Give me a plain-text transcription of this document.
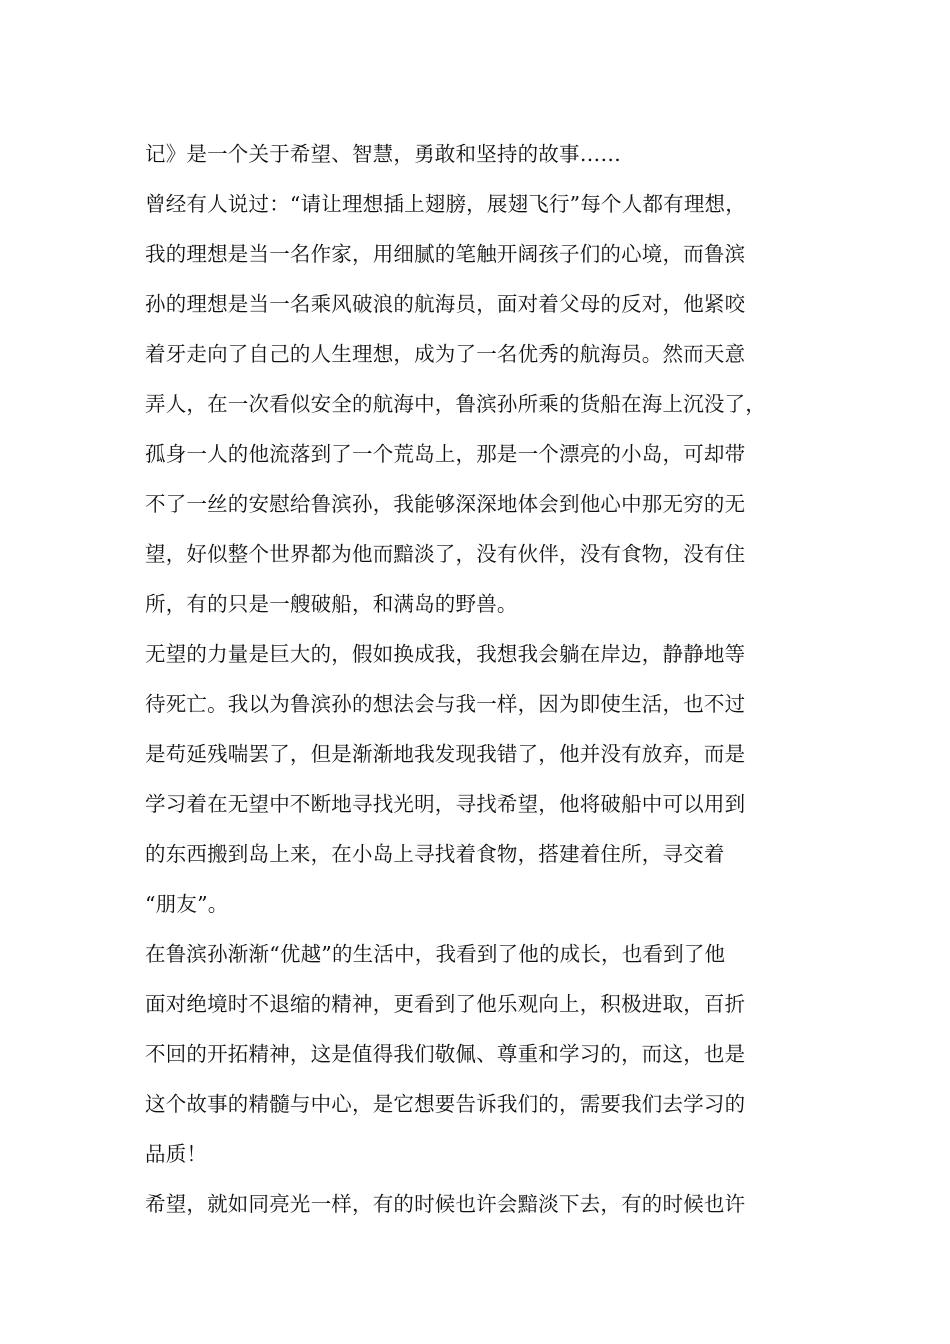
记》是一个关于希望、智慧，勇敢和坚持的故事……
曾经有人说过：“请让理想插上翅膀，展翅飞行”每个人都有理想，
我的理想是当一名作家，用细腻的笔触开阔孩子们的心境，而鲁滨
孙的理想是当一名乘风破浪的航海员，面对着父母的反对，他紧咬
着牙走向了自己的人生理想，成为了一名优秀的航海员。然而天意
弄人，在一次看似安全的航海中，鲁滨孙所乘的货船在海上沉没了，
孤身一人的他流落到了一个荒岛上，那是一个漂亮的小岛，可却带
不了一丝的安慰给鲁滨孙，我能够深深地体会到他心中那无穷的无
望，好似整个世界都为他而黯淡了，没有伙伴，没有食物，没有住
所，有的只是一艘破船，和满岛的野兽。
无望的力量是巨大的，假如换成我，我想我会躺在岸边，静静地等
待死亡。我以为鲁滨孙的想法会与我一样，因为即使生活，也不过
是苟延残喘罢了，但是渐渐地我发现我错了，他并没有放弃，而是
学习着在无望中不断地寻找光明，寻找希望，他将破船中可以用到
的东西搬到岛上来，在小岛上寻找着食物，搭建着住所，寻交着
“朋友”。
在鲁滨孙渐渐“优越”的生活中，我看到了他的成长，也看到了他
面对绝境时不退缩的精神，更看到了他乐观向上，积极进取，百折
不回的开拓精神，这是值得我们敬佩、尊重和学习的，而这，也是
这个故事的精髓与中心，是它想要告诉我们的，需要我们去学习的
品质！
希望，就如同亮光一样，有的时候也许会黯淡下去，有的时候也许
